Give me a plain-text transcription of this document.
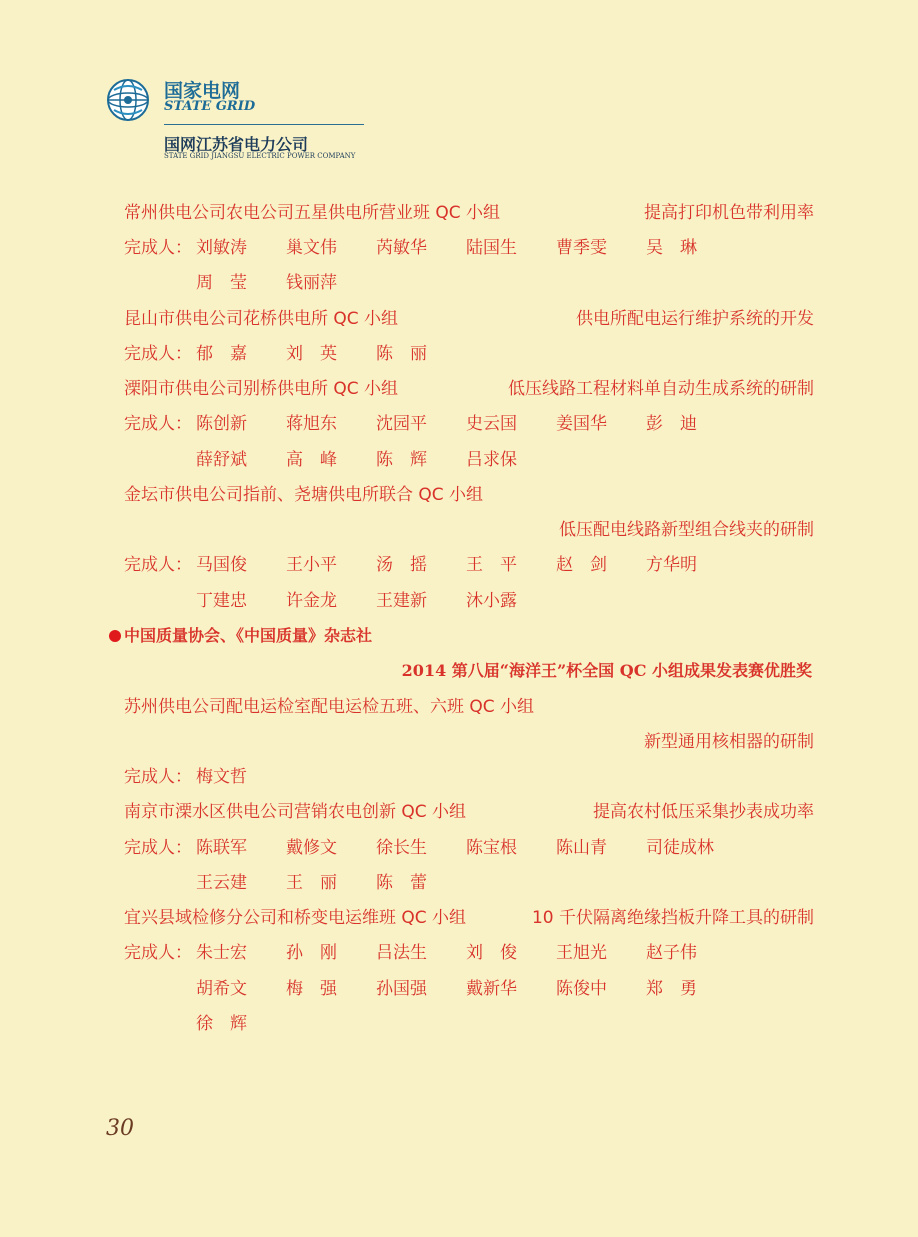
国家电网
STATE GRID
国网江苏省电力公司
STATE GRID JIANGSU ELECTRIC POWER COMPANY
常州供电公司农电公司五星供电所营业班 QC 小组	提高打印机色带利用率
完成人： 刘敏涛 巢文伟 芮敏华 陆国生 曹季雯 吴　琳
周　莹 钱丽萍
昆山市供电公司花桥供电所 QC 小组	供电所配电运行维护系统的开发
完成人： 郁　嘉 刘　英 陈　丽
溧阳市供电公司别桥供电所 QC 小组	低压线路工程材料单自动生成系统的研制
完成人： 陈创新 蒋旭东 沈园平 史云国 姜国华 彭　迪
薛舒斌 高　峰 陈　辉 吕求保
金坛市供电公司指前、尧塘供电所联合 QC 小组
低压配电线路新型组合线夹的研制
完成人： 马国俊 王小平 汤　摇 王　平 赵　剑 方华明
丁建忠 许金龙 王建新 沐小露
中国质量协会、《中国质量》杂志社
2014 第八届“海洋王”杯全国 QC 小组成果发表赛优胜奖
苏州供电公司配电运检室配电运检五班、六班 QC 小组
新型通用核相器的研制
完成人： 梅文哲
南京市溧水区供电公司营销农电创新 QC 小组	提高农村低压采集抄表成功率
完成人： 陈联军 戴修文 徐长生 陈宝根 陈山青 司徒成林
王云建 王　丽 陈　蕾
宜兴县域检修分公司和桥变电运维班 QC 小组	10 千伏隔离绝缘挡板升降工具的研制
完成人： 朱士宏 孙　刚 吕法生 刘　俊 王旭光 赵子伟
胡希文 梅　强 孙国强 戴新华 陈俊中 郑　勇
徐　辉
30
